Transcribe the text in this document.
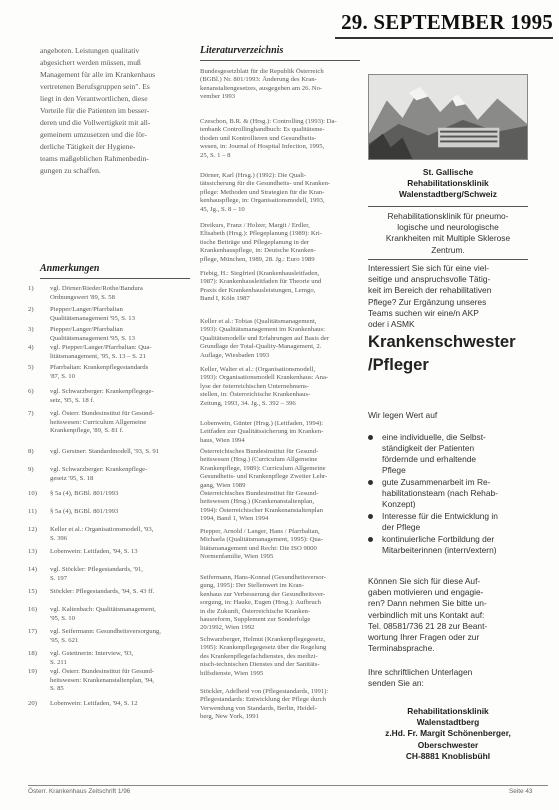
29. SEPTEMBER 1995

angeboten. Leistungen qualitativ

abgesichert werden müssen, muß

Management für alle im Krankenhaus

vertretenen Berufsgruppen sein". Es

liegt in den Verantwortlichen, diese

Vorteile für die Patienten im besser-

deren und die Vollwertigkeit mit all-

gemeinem umzusetzen und die för-

derliche Tätigkeit der Hygiene-

teams maßgeblichen Rahmenbedin-

gungen zu schaffen.

Anmerkungen
1)	vgl. Dörner/Rieder/Rothe/Bandura
Ordnungswert '89, S. 58
2)	Piepper/Langer/Pfarrbaltan
Qualitätsmanagement '95, S. 13
3)	Piepper/Langer/Pfarrbaltan
Qualitätsmanagement '95, S. 13
4)	vgl. Piepper/Langer/Pfarrbaltan: Qua-
litätsmanagement, '95, S. 13 – S. 21
5)	Pfarrbaltan: Krankenpflegestandards
'87, S. 10
6)	vgl. Schwarzberger: Krankenpflegege-
setz, '95, S. 18 f.
7)	vgl. Österr. Bundesinstitut für Gesund-
heitswesen: Curriculum Allgemeine
Krankenpflege, '89, S. 81 f.
8)	vgl. Gerstner: Standardmodell, '93, S. 91
9)	vgl. Schwarzberger: Krankenpflege-
gesetz '95, S. 18
10)	§ 5a (4), BGBl. 801/1993
11)	§ 5a (4), BGBl. 801/1993
12)	Keller et al.: Organisationsmodell, '93,
S. 396
13)	Lobenwein: Leitfaden, '94, S. 13
14)	vgl. Stöckler: Pflegestandards, '91,
S. 197
15)	Stöckler: Pflegestandards, '94, S. 43 ff.
16)	vgl. Kaltenbach: Qualitätsmanagement,
'95, S. 10
17)	vgl. Seifermann: Gesundheitsversorgung,
'95, S. 621
18)	vgl. Gstettnerin: Interview, '93,
S. 211
19)	vgl. Österr. Bundesinstitut für Gesund-
heitswesen: Krankenanstaltenplan, '94,
S. 85
20)	Lobenwein: Leitfaden, '94, S. 12
Literaturverzeichnis
Bundesgesetzblatt für die Republik Österreich
(BGBl.) Nr. 801/1993: Änderung des Kran-
kenanstaltengesetzes, ausgegeben am 26. No-
vember 1993
Czeschon, B.R. & (Hrsg.): Controlling (1993): Da-
tenbank Controllinghandbuch: Es qualitätsme-
thoden und Kontrollieren und Gesundheits-
wesen, in: Journal of Hospital Infection, 1995,
25, S. 1 – 8
Dörner, Karl (Hrsg.) (1992): Die Quali-
tätssicherung für die Gesundheits- und Kranken-
pflege: Methoden und Strategien für die Kran-
kenhauspflege, in: Organisationsmodell, 1993,
45, Jg., S. 8 – 10
Dreikurs, Franz / Holzer, Margit / Erdler,
Elisabeth (Hrsg.): Pflegeplanung (1989): Kri-
tische Beiträge und Pflegeplanung in der
Krankenhauspflege, in: Deutsche Kranken-
pflege, München, 1989, 28. Jg.: Euro 1989
Fiebig, H.: Siegfried (Krankenhausleitfaden,
1987): Krankenhausleitfaden für Theorie und
Praxis der Krankenhausleistungen, Lemgo,
Band I, Köln 1987
Keller et al.: Tobias (Qualitätsmanagement,
1993): Qualitätsmanagement im Krankenhaus:
Qualitätsmodelle und Erfahrungen auf Basis der
Grundlage der Total-Quality-Management, 2.
Auflage, Wiesbaden 1993
Keller, Walter et al.: (Organisationsmodell,
1993): Organisationsmodell Krankenhaus: Ana-
lyse der österreichischen Unternehmens-
stellen, in: Österreichische Krankenhaus-
Zeitung, 1993, 34. Jg., S. 392 – 396
Lobenwein, Günter (Hrsg.) (Leitfaden, 1994):
Leitfaden zur Qualitätssicherung im Kranken-
haus, Wien 1994
Österreichisches Bundesinstitut für Gesund-
heitswesen (Hrsg.) (Curriculum Allgemeine
Krankenpflege, 1989): Curriculum Allgemeine
Gesundheits- und Krankenpflege Zweiter Lehr-
gang, Wien 1989
Österreichisches Bundesinstitut für Gesund-
heitswesen (Hrsg.) (Krankenanstaltenplan,
1994): Österreichischer Krankenanstaltenplan
1994, Band 1, Wien 1994
Piepper, Arnold / Langer, Hans / Pfarrbaltan,
Michaela (Qualitätsmanagement, 1995): Qua-
litätsmanagement und Recht: Die ISO 9000
Normenfamilie, Wien 1995
Seifermann, Hans-Konrad (Gesundheitsversor-
gung, 1995): Der Stellenwert im Kran-
kenhaus zur Verbesserung der Gesundheitsver-
sorgung, in: Hauke, Eugen (Hrsg.): Aufbruch
in die Zukunft, Österreichische Kranken-
hausreform, Supplement zur Sonderfolge
20/1992, Wien 1992
Schwarzberger, Helmut (Krankenpflegegesetz,
1995): Krankenpflegegesetz über die Regelung
des Krankenpflegefachdienstes, des medizi-
nisch-technischen Dienstes und der Sanitäts-
hilfsdienste, Wien 1995
Stöckler, Adelheid von (Pflegestandards, 1991):
Pflegestandards: Entwicklung der Pflege durch
Verwendung von Standards, Berlin, Heidel-
berg, New York, 1991
St. Gallische
Rehabilitationsklinik
Walenstadtberg/Schweiz
Rehabilitationsklinik für pneumo-
logische und neurologische
Krankheiten mit Multiple Sklerose
Zentrum.
Interessiert Sie sich für eine viel-
seitige und anspruchsvolle Tätig-
keit im Bereich der rehabilitativen
Pflege? Zur Ergänzung unseres
Teams suchen wir eine/n AKP
oder i ASMK
Krankenschwester
/Pfleger
Wir legen Wert auf
eine individuelle, die Selbst-
ständigkeit der Patienten
fördernde und erhaltende
Pflege
gute Zusammenarbeit im Re-
habilitationsteam (nach Rehab-
Konzept)
Interesse für die Entwicklung in
der Pflege
kontinuierliche Fortbildung der
Mitarbeiterinnen (intern/extern)
Können Sie sich für diese Auf-
gaben motivieren und engagie-
ren? Dann nehmen Sie bitte un-
verbindlich mit uns Kontakt auf:
Tel. 08581/736 21 28 zur Beant-
wortung Ihrer Fragen oder zur
Terminabsprache.
Ihre schriftlichen Unterlagen
senden Sie an:
Rehabilitationsklinik
Walenstadtberg
z.Hd. Fr. Margit Schönenberger,
Oberschwester
CH-8881 Knoblisbühl
Österr. Krankenhaus Zeitschrift 1/96	Seite 43
